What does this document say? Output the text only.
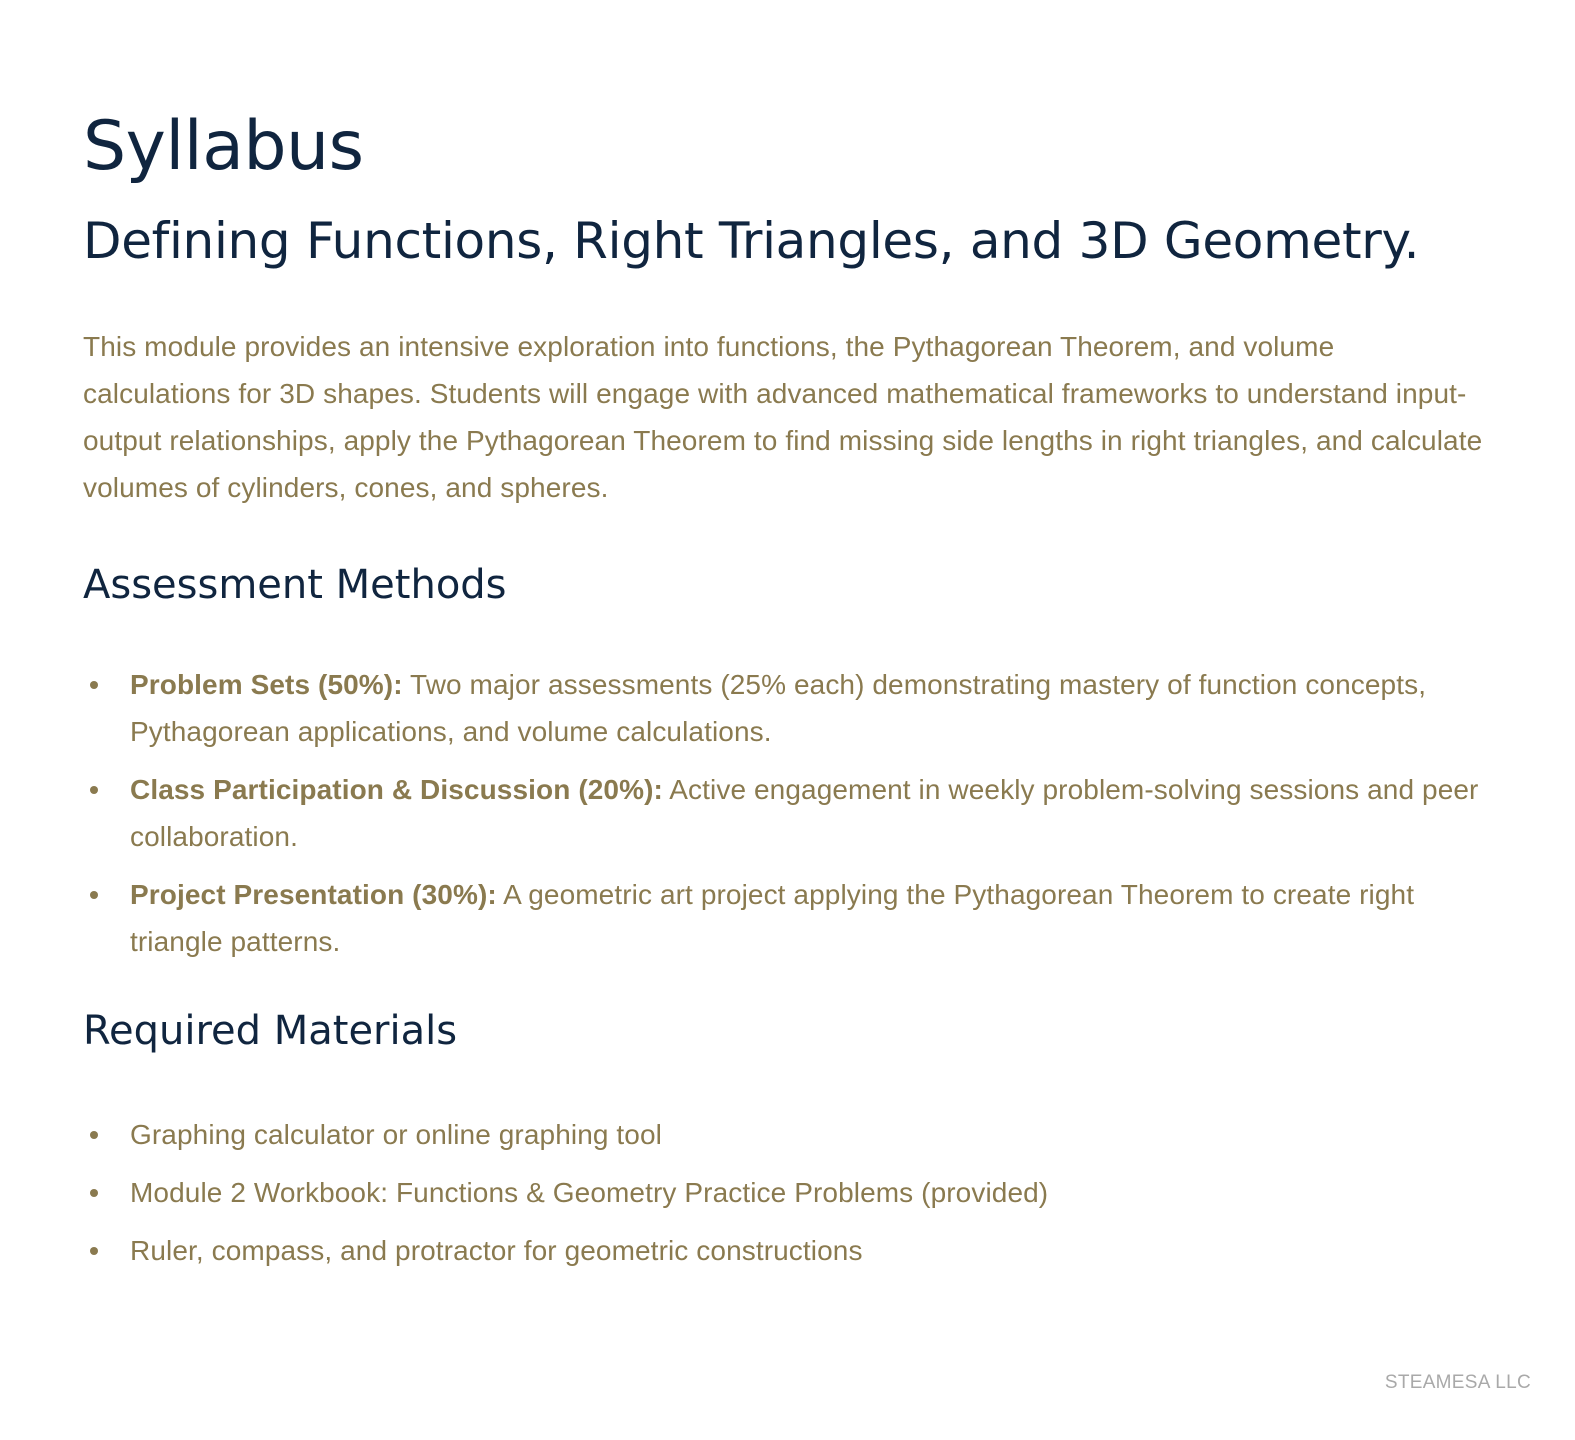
Syllabus
Defining Functions, Right Triangles, and 3D Geometry.

This module provides an intensive exploration into functions, the Pythagorean Theorem, and volume calculations for 3D shapes. Students will engage with advanced mathematical frameworks to understand input-output relationships, apply the Pythagorean Theorem to find missing side lengths in right triangles, and calculate volumes of cylinders, cones, and spheres.

Assessment Methods
Problem Sets (50%): Two major assessments (25% each) demonstrating mastery of function concepts, Pythagorean applications, and volume calculations.
Class Participation & Discussion (20%): Active engagement in weekly problem-solving sessions and peer collaboration.
Project Presentation (30%): A geometric art project applying the Pythagorean Theorem to create right triangle patterns.
Required Materials
Graphing calculator or online graphing tool
Module 2 Workbook: Functions & Geometry Practice Problems (provided)
Ruler, compass, and protractor for geometric constructions
STEAMESA LLC
